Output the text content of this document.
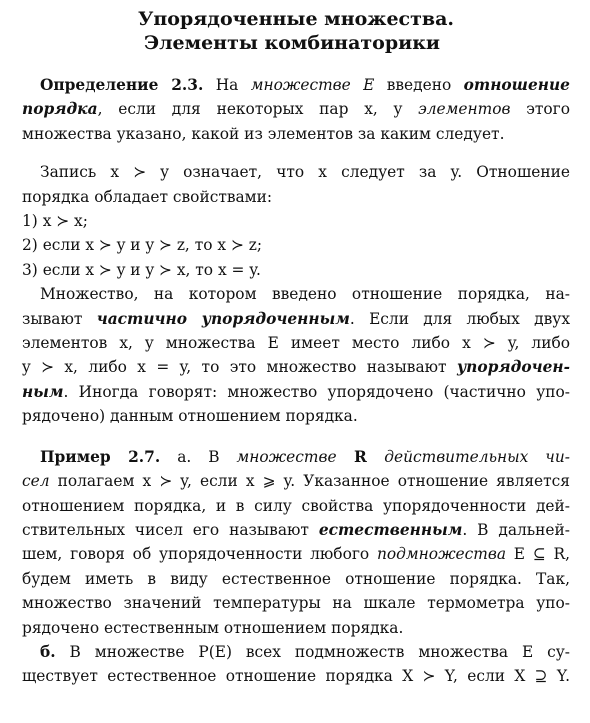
Упорядоченные множества.
Элементы комбинаторики
Определение 2.3. На множестве E введено отношение
порядка, если для некоторых пар x, y элементов этого
множества указано, какой из элементов за каким следует.
Запись x ≻ y означает, что x следует за y. Отношение
порядка обладает свойствами:
1) x ≻ x;
2) если x ≻ y и y ≻ z, то x ≻ z;
3) если x ≻ y и y ≻ x, то x = y.
Множество, на котором введено отношение порядка, на-
зывают частично упорядоченным. Если для любых двух
элементов x, y множества E имеет место либо x ≻ y, либо
y ≻ x, либо x = y, то это множество называют упорядочен-
ным. Иногда говорят: множество упорядочено (частично упо-
рядочено) данным отношением порядка.
Пример 2.7. а. В множестве R действительных чи-
сел полагаем x ≻ y, если x ⩾ y. Указанное отношение является
отношением порядка, и в силу свойства упорядоченности дей-
ствительных чисел его называют естественным. В дальней-
шем, говоря об упорядоченности любого подмножества E ⊆ R,
будем иметь в виду естественное отношение порядка. Так,
множество значений температуры на шкале термометра упо-
рядочено естественным отношением порядка.
б. В множестве P(E) всех подмножеств множества E су-
ществует естественное отношение порядка X ≻ Y, если X ⊇ Y.
